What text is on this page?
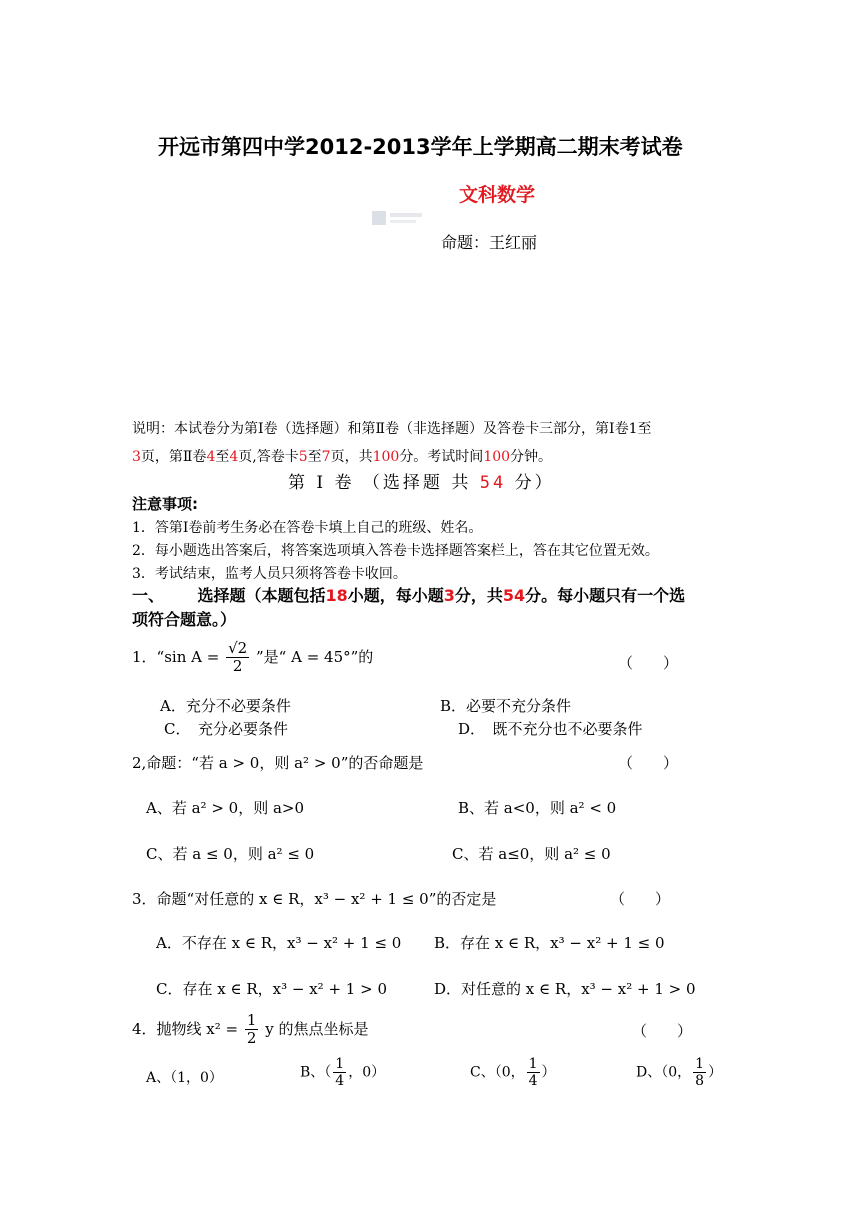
开远市第四中学2012-2013学年上学期高二期末考试卷
文科数学
命题：王红丽
说明：本试卷分为第Ⅰ卷（选择题）和第Ⅱ卷（非选择题）及答卷卡三部分，第Ⅰ卷1至
3页，第Ⅱ卷4至4页,答卷卡5至7页，共100分。考试时间100分钟。
第 Ⅰ 卷 （选择题 共 54 分）
注意事项:
1．答第Ⅰ卷前考生务必在答卷卡填上自己的班级、姓名。
2．每小题选出答案后，将答案选项填入答卷卡选择题答案栏上，答在其它位置无效。
3．考试结束，监考人员只须将答卷卡收回。
一、 选择题（本题包括18小题，每小题3分，共54分。每小题只有一个选
项符合题意。）
1．“sin $A = \frac{√2}{2}$ ”是“ A = 45°”的	（　　）
A．充分不必要条件	B．必要不充分条件
C．　充分必要条件	D．　既不充分也不必要条件
2,命题：“若 a > 0，则 a² > 0”的否命题是	（　　）
A、若 a² > 0，则 a>0	B、若 a<0，则 a² < 0
C、若 a ≤ 0，则 a² ≤ 0	C、若 a≤0，则 a² ≤ 0
3．命题“对任意的 x ∈ R，x³ − x² + 1 ≤ 0”的否定是	（　　）
A．不存在 x ∈ R，x³ − x² + 1 ≤ 0 B．存在 x ∈ R，x³ − x² + 1 ≤ 0
C．存在 x ∈ R，x³ − x² + 1 > 0	D．对任意的 x ∈ R，x³ − x² + 1 > 0
4．抛物线 $x^2 = \frac{1}{2}$ y 的焦点坐标是	（　　）
A、（1，0）	B、（ $\frac{1}{4}$ ，0）	C、（0， $\frac{1}{4}$ ）	D、（0， $\frac{1}{8}$ ）
